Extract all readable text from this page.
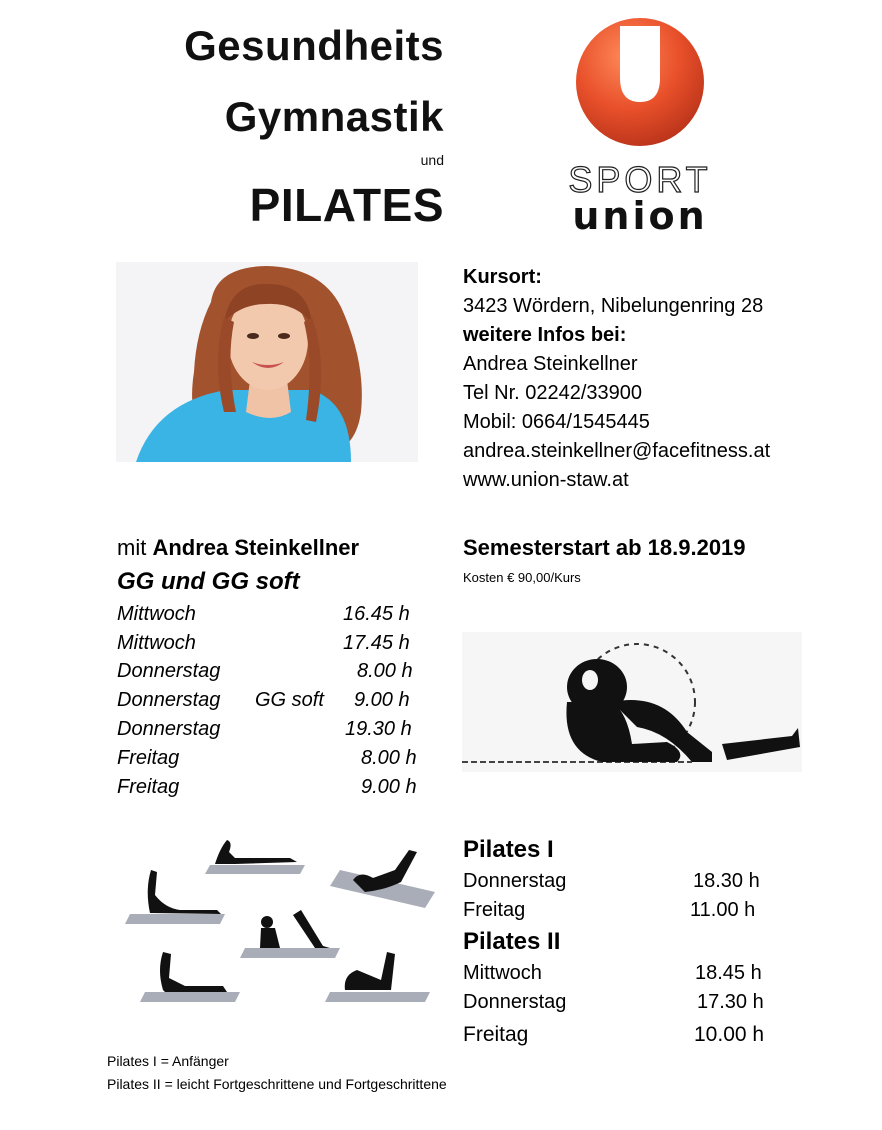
Gesundheits
Gymnastik
und
PILATES	SPORT
union
Kursort:
3423 Wördern, Nibelungenring 28
weitere Infos bei:
Andrea Steinkellner
Tel Nr. 02242/33900
Mobil: 0664/1545445
andrea.steinkellner@facefitness.at
www.union-staw.at
mit Andrea Steinkellner
GG und GG soft
Mittwoch	16.45 h
Mittwoch	17.45 h
Donnerstag	8.00 h
Donnerstag GG soft 9.00 h
Donnerstag	19.30 h
Freitag	8.00 h
Freitag	9.00 h
Semesterstart ab 18.9.2019
Kosten € 90,00/Kurs
Pilates I
Donnerstag	18.30 h
Freitag	11.00 h
Pilates II
Mittwoch	18.45 h
Donnerstag	17.30 h
Freitag	10.00 h
Pilates I = Anfänger
Pilates II = leicht Fortgeschrittene und Fortgeschrittene
